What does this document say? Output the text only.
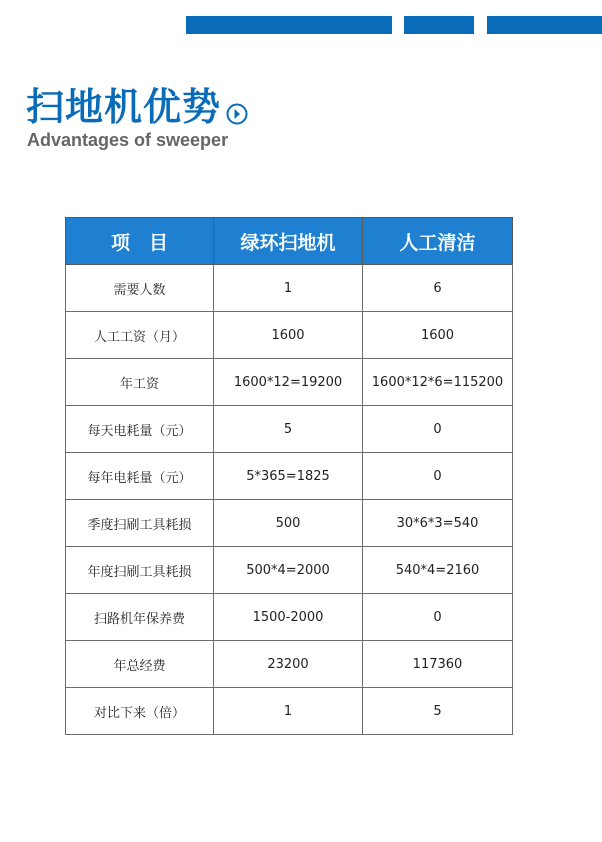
扫地机优势
Advantages of sweeper
项　目	绿环扫地机	人工清洁
需要人数	1	6
人工工资（月）	1600	1600
年工资	1600*12=19200	1600*12*6=115200
每天电耗量（元）	5	0
每年电耗量（元）	5*365=1825	0
季度扫刷工具耗损	500	30*6*3=540
年度扫刷工具耗损	500*4=2000	540*4=2160
扫路机年保养费	1500-2000	0
年总经费	23200	117360
对比下来（倍）	1	5
